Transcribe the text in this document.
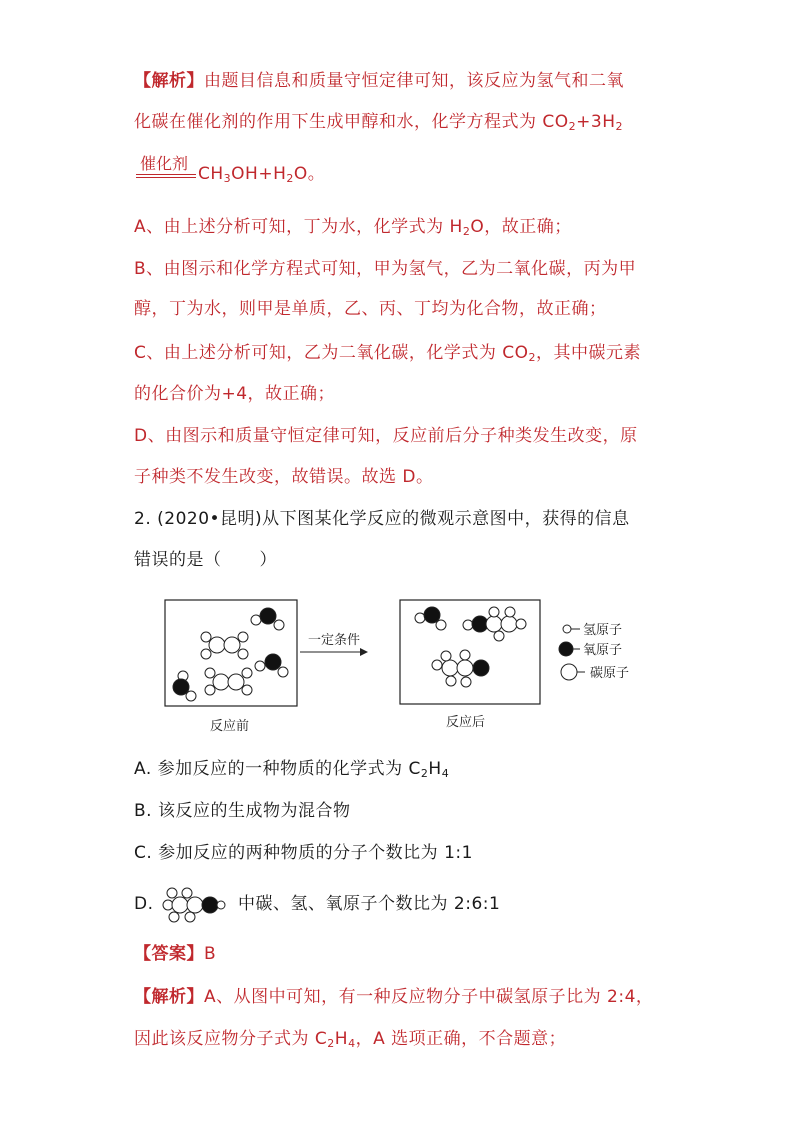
【解析】由题目信息和质量守恒定律可知，该反应为氢气和二氧
化碳在催化剂的作用下生成甲醇和水，化学方程式为 $CO_2+3H_2$
催化剂
$CH_3OH+H_2O$。
A、由上述分析可知，丁为水，化学式为 $H_2O$，故正确；
B、由图示和化学方程式可知，甲为氢气，乙为二氧化碳，丙为甲
醇，丁为水，则甲是单质，乙、丙、丁均为化合物，故正确；
C、由上述分析可知，乙为二氧化碳，化学式为 $CO_2$，其中碳元素
的化合价为+4，故正确；
D、由图示和质量守恒定律可知，反应前后分子种类发生改变，原
子种类不发生改变，故错误。故选 D。
2. (2020•昆明)从下图某化学反应的微观示意图中，获得的信息
错误的是（ ）
一定条件
氢原子
氧原子
碳原子
反应前	反应后
A. 参加反应的一种物质的化学式为 $C_2H_4$
B. 该反应的生成物为混合物
C. 参加反应的两种物质的分子个数比为 1:1
D.	中碳、氢、氧原子个数比为 2:6:1
【答案】B
【解析】A、从图中可知，有一种反应物分子中碳氢原子比为 2:4，
因此该反应物分子式为 $C_2H_4$，A 选项正确，不合题意；
